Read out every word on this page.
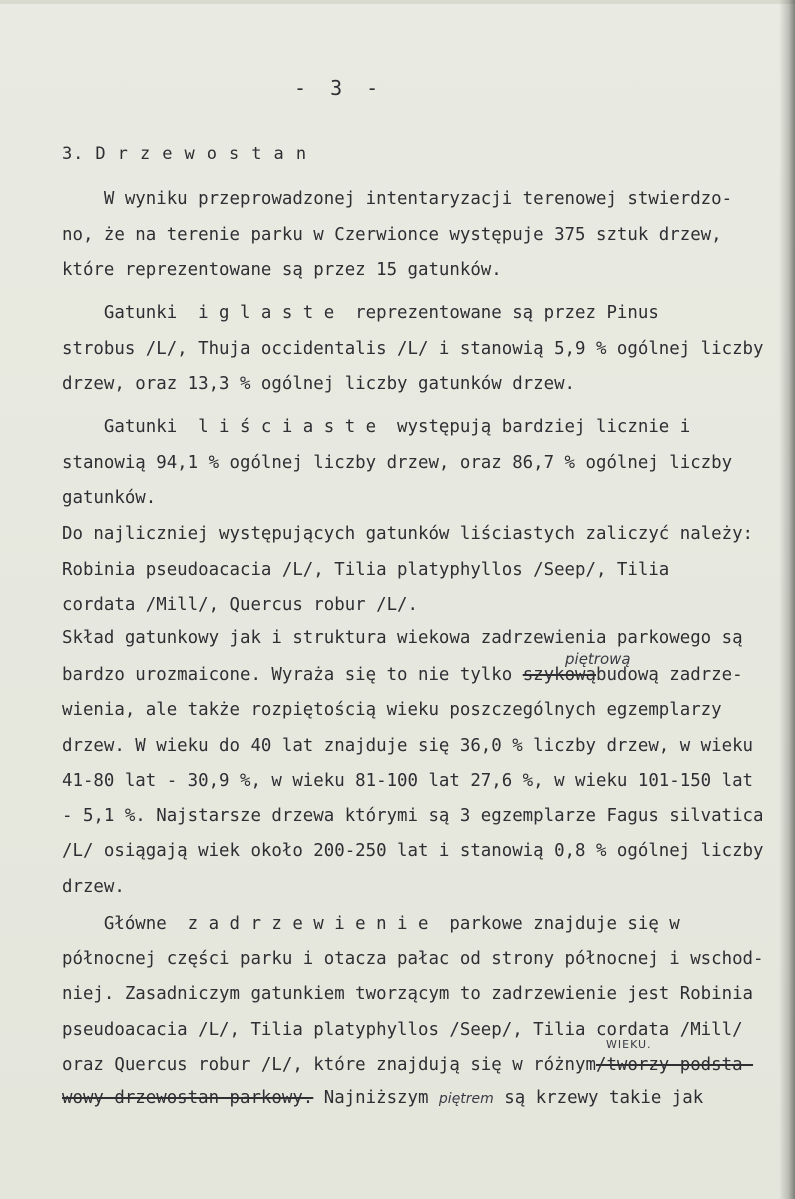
- 3 -
3. D r z e w o s t a n
W wyniku przeprowadzonej intentaryzacji terenowej stwierdzo-
no, że na terenie parku w Czerwionce występuje 375 sztuk drzew,
które reprezentowane są przez 15 gatunków.
Gatunki  i g l a s t e  reprezentowane są przez Pinus
strobus /L/, Thuja occidentalis /L/ i stanowią 5,9 % ogólnej liczby
drzew, oraz 13,3 % ogólnej liczby gatunków drzew.
Gatunki  l i ś c i a s t e  występują bardziej licznie i
stanowią 94,1 % ogólnej liczby drzew, oraz 86,7 % ogólnej liczby
gatunków.
Do najliczniej występujących gatunków liściastych zaliczyć należy:
Robinia pseudoacacia /L/, Tilia platyphyllos /Seep/, Tilia
cordata /Mill/, Quercus robur /L/.
Skład gatunkowy jak i struktura wiekowa zadrzewienia parkowego są
piętrową
bardzo urozmaicone. Wyraża się to nie tylko szykowąbudową zadrze-
wienia, ale także rozpiętością wieku poszczególnych egzemplarzy
drzew. W wieku do 40 lat znajduje się 36,0 % liczby drzew, w wieku
41-80 lat - 30,9 %, w wieku 81-100 lat 27,6 %, w wieku 101-150 lat
- 5,1 %. Najstarsze drzewa którymi są 3 egzemplarze Fagus silvatica
/L/ osiągają wiek około 200-250 lat i stanowią 0,8 % ogólnej liczby
drzew.
Główne  z a d r z e w i e n i e  parkowe znajduje się w
północnej części parku i otacza pałac od strony północnej i wschod-
niej. Zasadniczym gatunkiem tworzącym to zadrzewienie jest Robinia
pseudoacacia /L/, Tilia platyphyllos /Seep/, Tilia cordata /Mill/
WIEKU.
oraz Quercus robur /L/, które znajdują się w różnym/tworzy podsta-
wowy drzewostan parkowy. Najniższym piętrem są krzewy takie jak
